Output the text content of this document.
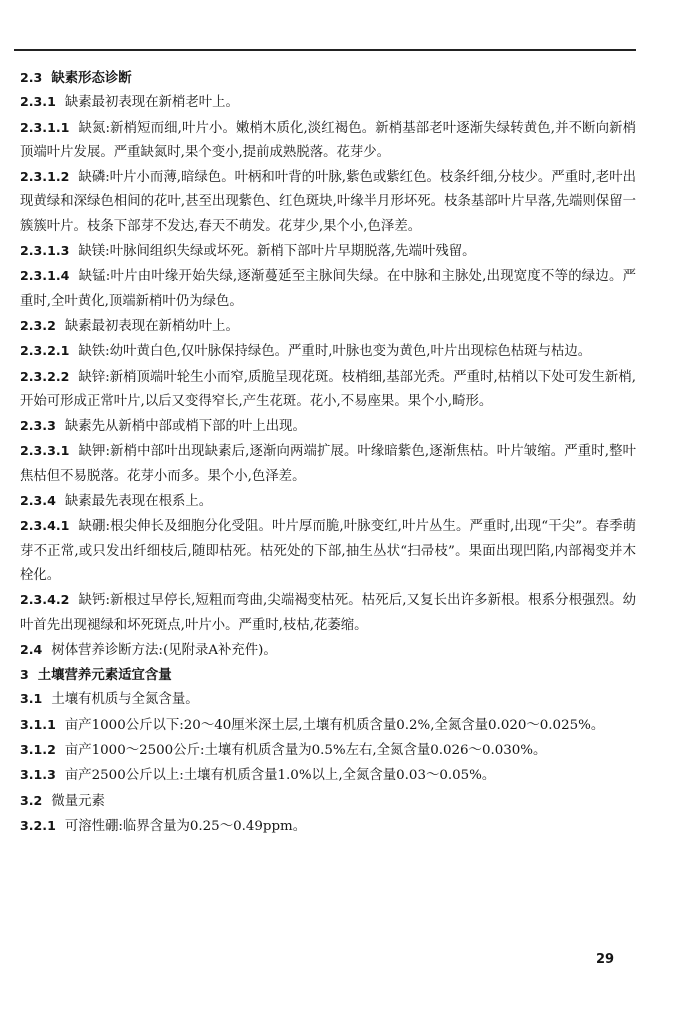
2.3 缺素形态诊断

2.3.1 缺素最初表现在新梢老叶上。

2.3.1.1 缺氮:新梢短而细,叶片小。嫩梢木质化,淡红褐色。新梢基部老叶逐渐失绿转黄色,并不断向新梢顶端叶片发展。严重缺氮时,果个变小,提前成熟脱落。花芽少。

2.3.1.2 缺磷:叶片小而薄,暗绿色。叶柄和叶背的叶脉,紫色或紫红色。枝条纤细,分枝少。严重时,老叶出现黄绿和深绿色相间的花叶,甚至出现紫色、红色斑块,叶缘半月形坏死。枝条基部叶片早落,先端则保留一簇簇叶片。枝条下部芽不发达,春天不萌发。花芽少,果个小,色泽差。

2.3.1.3 缺镁:叶脉间组织失绿或坏死。新梢下部叶片早期脱落,先端叶残留。

2.3.1.4 缺锰:叶片由叶缘开始失绿,逐渐蔓延至主脉间失绿。在中脉和主脉处,出现宽度不等的绿边。严重时,全叶黄化,顶端新梢叶仍为绿色。

2.3.2 缺素最初表现在新梢幼叶上。

2.3.2.1 缺铁:幼叶黄白色,仅叶脉保持绿色。严重时,叶脉也变为黄色,叶片出现棕色枯斑与枯边。

2.3.2.2 缺锌:新梢顶端叶轮生小而窄,质脆呈现花斑。枝梢细,基部光秃。严重时,枯梢以下处可发生新梢,开始可形成正常叶片,以后又变得窄长,产生花斑。花小,不易座果。果个小,畸形。

2.3.3 缺素先从新梢中部或梢下部的叶上出现。

2.3.3.1 缺钾:新梢中部叶出现缺素后,逐渐向两端扩展。叶缘暗紫色,逐渐焦枯。叶片皱缩。严重时,整叶焦枯但不易脱落。花芽小而多。果个小,色泽差。

2.3.4 缺素最先表现在根系上。

2.3.4.1 缺硼:根尖伸长及细胞分化受阻。叶片厚而脆,叶脉变红,叶片丛生。严重时,出现“干尖”。春季萌芽不正常,或只发出纤细枝后,随即枯死。枯死处的下部,抽生丛状“扫帚枝”。果面出现凹陷,内部褐变并木栓化。

2.3.4.2 缺钙:新根过早停长,短粗而弯曲,尖端褐变枯死。枯死后,又复长出许多新根。根系分根强烈。幼叶首先出现褪绿和坏死斑点,叶片小。严重时,枝枯,花萎缩。

2.4 树体营养诊断方法:(见附录A补充件)。

3 土壤营养元素适宜含量

3.1 土壤有机质与全氮含量。

3.1.1 亩产1000公斤以下:20～40厘米深土层,土壤有机质含量0.2%,全氮含量0.020～0.025%。

3.1.2 亩产1000～2500公斤:土壤有机质含量为0.5%左右,全氮含量0.026～0.030%。

3.1.3 亩产2500公斤以上:土壤有机质含量1.0%以上,全氮含量0.03～0.05%。

3.2 微量元素

3.2.1 可溶性硼:临界含量为0.25～0.49ppm。

29
